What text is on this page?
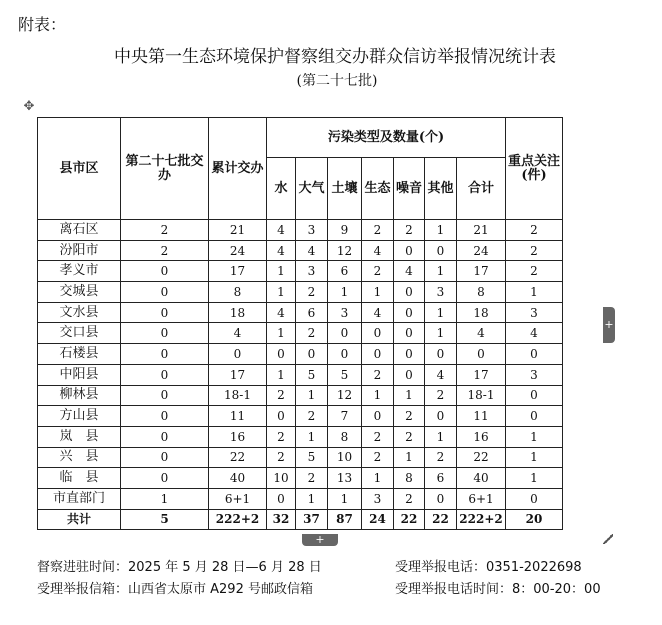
附表：
中央第一生态环境保护督察组交办群众信访举报情况统计表
(第二十七批)
✥
县市区	第二十七批交办	累计交办	污染类型及数量(个)							重点关注(件)
			水	大气	土壤	生态	噪音	其他	合计	
离石区	2	21	4	3	9	2	2	1	21	2
汾阳市	2	24	4	4	12	4	0	0	24	2
孝义市	0	17	1	3	6	2	4	1	17	2
交城县	0	8	1	2	1	1	0	3	8	1
文水县	0	18	4	6	3	4	0	1	18	3
交口县	0	4	1	2	0	0	0	1	4	4
石楼县	0	0	0	0	0	0	0	0	0	0
中阳县	0	17	1	5	5	2	0	4	17	3
柳林县	0	18-1	2	1	12	1	1	2	18-1	0
方山县	0	11	0	2	7	0	2	0	11	0
岚　县	0	16	2	1	8	2	2	1	16	1
兴　县	0	22	2	5	10	2	1	2	22	1
临　县	0	40	10	2	13	1	8	6	40	1
市直部门	1	6+1	0	1	1	3	2	0	6+1	0
共计	5	222+2	32	37	87	24	22	22	222+2	20
+
+
督察进驻时间：2025 年 5 月 28 日—6 月 28 日	受理举报电话：0351-2022698
受理举报信箱：山西省太原市 A292 号邮政信箱	受理举报电话时间：8：00-20：00
